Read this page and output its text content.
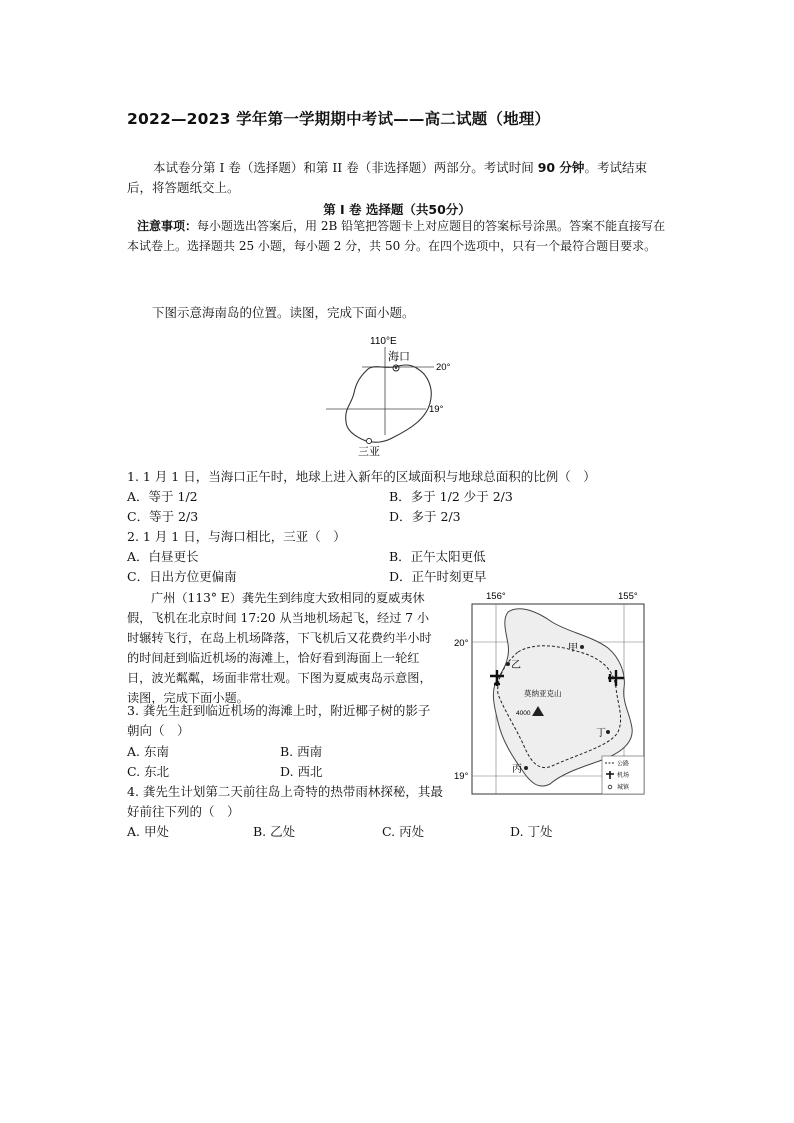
2022—2023 学年第一学期期中考试——高二试题（地理）
本试卷分第 I 卷（选择题）和第 II 卷（非选择题）两部分。考试时间 90 分钟。考试结束后，将答题纸交上。
第 I 卷 选择题（共50分）
注意事项：每小题选出答案后，用 2B 铅笔把答题卡上对应题目的答案标号涂黑。答案不能直接写在本试卷上。选择题共 25 小题，每小题 2 分，共 50 分。在四个选项中，只有一个最符合题目要求。
下图示意海南岛的位置。读图，完成下面小题。
110°E
海口
三亚
20°
19°
1. 1 月 1 日，当海口正午时，地球上进入新年的区域面积与地球总面积的比例（　）
A．等于 1/2	B．多于 1/2 少于 2/3
C．等于 2/3	D．多于 2/3
2. 1 月 1 日，与海口相比，三亚（　）
A．白昼更长	B．正午太阳更低
C．日出方位更偏南	D．正午时刻更早
广州（113° E）龚先生到纬度大致相同的夏威夷休假，飞机在北京时间 17:20 从当地机场起飞，经过 7 小时辗转飞行，在岛上机场降落，下飞机后又花费约半小时的时间赶到临近机场的海滩上，恰好看到海面上一轮红日，波光粼粼，场面非常壮观。下图为夏威夷岛示意图，读图，完成下面小题。
156°	155°
20°
19°
莫纳亚克山
4000
甲
乙
丙
丁
公路
机场
城镇
3. 龚先生赶到临近机场的海滩上时，附近椰子树的影子朝向（　）
A. 东南	B. 西南
C. 东北	D. 西北
4. 龚先生计划第二天前往岛上奇特的热带雨林探秘，其最好前往下列的（　）
A. 甲处	B. 乙处	C. 丙处	D. 丁处
